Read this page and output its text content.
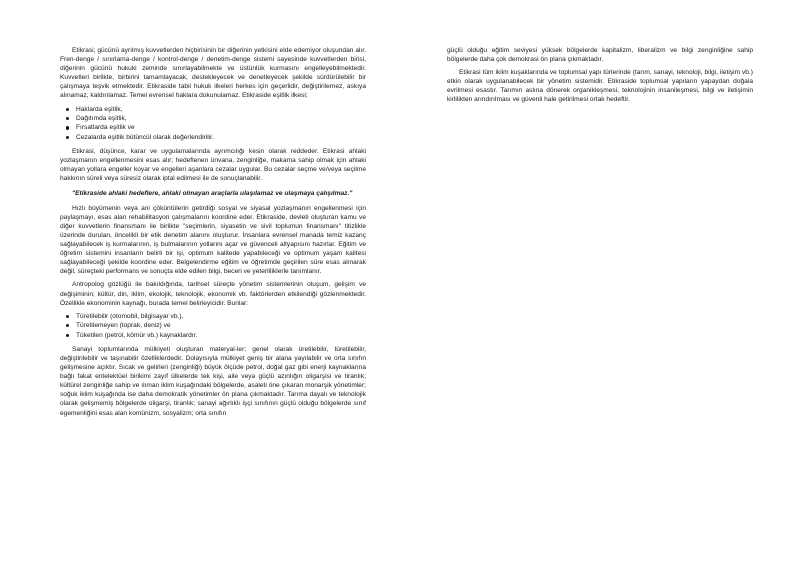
Etikrasi; gücünü ayrılmış kuvvetlerden hiçbirisinin bir diğerinin yetkisini elde edemiyor oluşundan alır. Fren-denge / sınırlama-denge / kontrol-denge / denetim-denge sistemi sayesinde kuvvetlerden birisi, diğerinin gücünü hukuki zeminde sınırlayabilmekte ve üstünlük kurmasını engelleyebilmektedir. Kuvvetleri birlikte, birbirini tamamlayacak, destekleyecek ve denetleyecek şekilde sürdürülebilir bir çalışmaya teşvik etmektedir. Etikraside tabii hukuk ilkeleri herkes için geçerlidir, değiştirilemez, askıya alınamaz, kaldırılamaz. Temel evrensel haklara dokunulamaz. Etikraside eşitlik ilkesi;

Haklarda eşitlik,
Dağıtımda eşitlik,
Fırsatlarda eşitlik ve
Cezalarda eşitlik bütüncül olarak değerlendirilir.

Etikrasi, düşünce, karar ve uygulamalarında ayrımcılığı kesin olarak reddeder. Etikrasi ahlaki yozlaşmanın engellenmesini esas alır; hedeflenen ünvana, zenginliğe, makama sahip olmak için ahlaki olmayan yollara engeller koyar ve engelleri aşanlara cezalar uygular. Bu cezalar seçme ve/veya seçilme hakkının süreli veya süresiz olarak iptal edilmesi ile de sonuçlanabilir.

"Etikraside ahlaki hedeflere, ahlaki olmayan araçlarla ulaşılamaz ve ulaşmaya çalışılmaz."

Hızlı büyümenin veya ani çöküntülerin getirdiği sosyal ve siyasal yozlaşmanın engellenmesi için paylaşmayı, esas alan rehabilitasyon çalışmalarını koordine eder. Etikraside, devleti oluşturan kamu ve diğer kuvvetlerin finansmanı ile birlikte "seçimlerin, siyasetin ve sivil toplumun finansmanı" titizlikle üzerinde durulan, öncelikli bir etik denetim alanını oluşturur. İnsanlara evrensel manada temiz kazanç sağlayabilecek iş kurmalarının, iş bulmalarının yollarını açar ve güvenceli altyapısını hazırlar. Eğitim ve öğretim sistemini insanların belirli bir işi, optimum kalitede yapabileceği ve optimum yaşam kalitesi sağlayabileceği şekilde koordine eder. Belgelendirme eğitim ve öğretimde geçirilen süre esas alınarak değil, süreçteki performans ve sonuçta elde edilen bilgi, beceri ve yeterliliklerle tanımlanır.

Antropolog gözlüğü ile bakıldığında, tarihsel süreçte yönetim sistemlerinin oluşum, gelişim ve değişiminin; kültür, din, iklim, ekolojik, teknolojik, ekonomik vb. faktörlerden etkilendiği gözlenmektedir. Özellikle ekonominin kaynağı, burada temel belirleyicidir. Bunlar:

Türetilebilir (otomobil, bilgisayar vb.),
Türetilemeyen (toprak, deniz) ve
Tüketilen (petrol, kömür vb.) kaynaklardır.

Sanayi toplumlarında mülkiyeti oluşturan materyal-ler; genel olarak üretilebilir, türetilebilir, değiştirilebilir ve taşınabilir özelliklerdedir. Dolayısıyla mülkiyet geniş bir alana yayılabilir ve orta sınıfın gelişmesine açıktır. Sıcak ve gelirleri (zenginliği) büyük ölçüde petrol, doğal gaz gibi enerji kaynaklarına bağlı fakat entelektüel birikimi zayıf ülkelerde tek kişi, aile veya güçlü azınlığın oligarşisi ve tiranlık; kültürel zenginliğe sahip ve ılıman iklim kuşağındaki bölgelerde, asaleti öne çıkaran monarşik yönetimler; soğuk iklim kuşağında ise daha demokratik yönetimler ön plana çıkmaktadır. Tarıma dayalı ve teknolojik olarak gelişmemiş bölgelerde oligarşi, tiranlık; sanayi ağırlıklı işçi sınıfının güçlü olduğu bölgelerde sınıf egemenliğini esas alan komünizm, sosyalizm; orta sınıfın

güçlü olduğu eğitim seviyesi yüksek bölgelerde kapitalizm, liberalizm ve bilgi zenginliğine sahip bölgelerde daha çok demokrasi ön plana çıkmaktadır.

Etikrasi tüm iklim kuşaklarında ve toplumsal yapı türlerinde (tarım, sanayi, teknoloji, bilgi, iletişim vb.) etkin olarak uygulanabilecek bir yönetim sistemidir. Etikraside toplumsal yapıların yapaydan doğala evrilmesi esastır. Tarımın aslına dönerek organikleşmesi, teknolojinin insanileşmesi, bilgi ve iletişimin kirlilikten arındırılması ve güvenli hale getirilmesi ortak hedeftir.
